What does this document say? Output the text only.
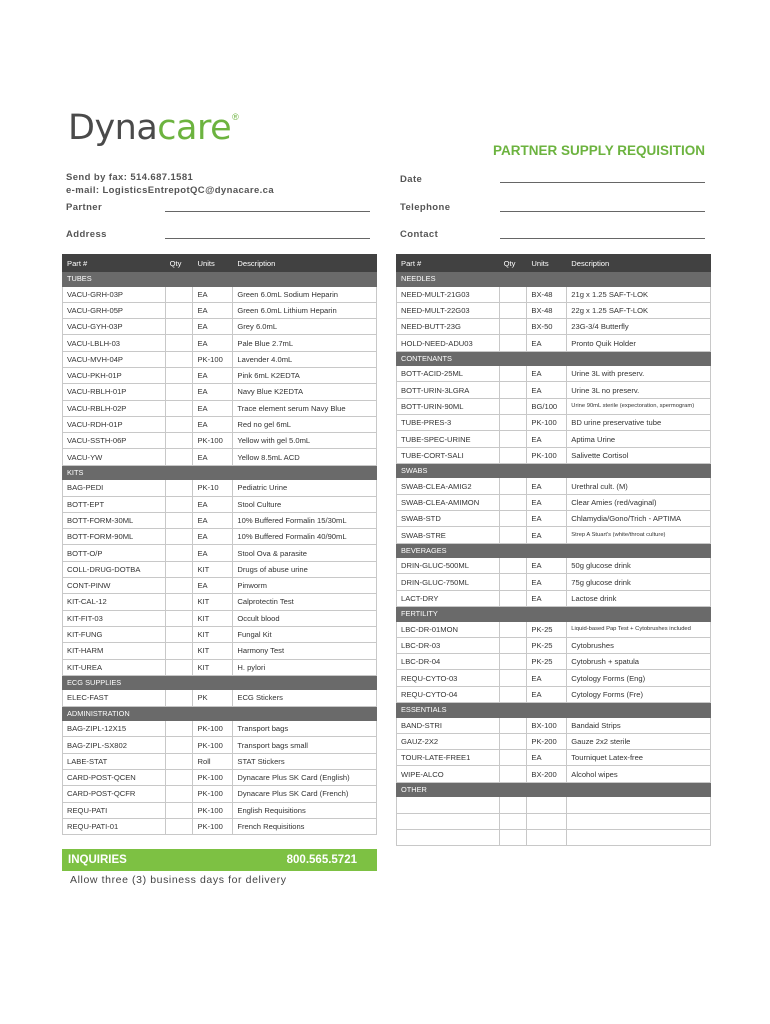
Dynacare ®
PARTNER SUPPLY REQUISITION
Send by fax: 514.687.1581
e-mail: LogisticsEntrepotQC@dynacare.ca
Partner
Address
Date
Telephone
Contact
Part #	Qty	Units	Description
TUBES			
VACU-GRH-03P		EA	Green 6.0mL Sodium Heparin
VACU-GRH-05P		EA	Green 6.0mL Lithium Heparin
VACU-GYH-03P		EA	Grey 6.0mL
VACU-LBLH-03		EA	Pale Blue 2.7mL
VACU-MVH-04P		PK-100	Lavender 4.0mL
VACU-PKH-01P		EA	Pink 6mL K2EDTA
VACU-RBLH-01P		EA	Navy Blue K2EDTA
VACU-RBLH-02P		EA	Trace element serum Navy Blue
VACU-RDH-01P		EA	Red no gel 6mL
VACU-SSTH-06P		PK-100	Yellow with gel 5.0mL
VACU-YW		EA	Yellow 8.5mL ACD
KITS			
BAG-PEDI		PK-10	Pediatric Urine
BOTT-EPT		EA	Stool Culture
BOTT-FORM-30ML		EA	10% Buffered Formalin 15/30mL
BOTT-FORM-90ML		EA	10% Buffered Formalin 40/90mL
BOTT-O/P		EA	Stool Ova & parasite
COLL-DRUG-DOTBA		KIT	Drugs of abuse urine
CONT-PINW		EA	Pinworm
KIT-CAL-12		KIT	Calprotectin Test
KIT-FIT-03		KIT	Occult blood
KIT-FUNG		KIT	Fungal Kit
KIT-HARM		KIT	Harmony Test
KIT-UREA		KIT	H. pylori
ECG SUPPLIES			
ELEC-FAST		PK	ECG Stickers
ADMINISTRATION			
BAG-ZIPL-12X15		PK-100	Transport bags
BAG-ZIPL-SX802		PK-100	Transport bags small
LABE-STAT		Roll	STAT Stickers
CARD-POST-QCEN		PK-100	Dynacare Plus SK Card (English)
CARD-POST-QCFR		PK-100	Dynacare Plus SK Card (French)
REQU-PATI		PK-100	English Requisitions
REQU-PATI-01		PK-100	French Requisitions
Part #	Qty	Units	Description
NEEDLES			
NEED-MULT-21G03		BX-48	21g x 1.25 SAF-T-LOK
NEED-MULT-22G03		BX-48	22g x 1.25 SAF-T-LOK
NEED-BUTT-23G		BX-50	23G-3/4 Butterfly
HOLD-NEED-ADU03		EA	Pronto Quik Holder
CONTENANTS			
BOTT-ACID-25ML		EA	Urine 3L with preserv.
BOTT-URIN-3LGRA		EA	Urine 3L no preserv.
BOTT-URIN-90ML		BG/100	Urine 90mL sterile (expectoration, spermogram)
TUBE-PRES-3		PK-100	BD urine preservative tube
TUBE-SPEC-URINE		EA	Aptima Urine
TUBE-CORT-SALI		PK-100	Salivette Cortisol
SWABS			
SWAB-CLEA-AMIG2		EA	Urethral cult. (M)
SWAB-CLEA-AMIMON		EA	Clear Amies (red/vaginal)
SWAB-STD		EA	Chlamydia/Gono/Trich - APTIMA
SWAB-STRE		EA	Strep A Stuart's (white/throat culture)
BEVERAGES			
DRIN-GLUC-500ML		EA	50g glucose drink
DRIN-GLUC-750ML		EA	75g glucose drink
LACT-DRY		EA	Lactose drink
FERTILITY			
LBC-DR-01MON		PK-25	Liquid-based Pap Test + Cytobrushes included
LBC-DR-03		PK-25	Cytobrushes
LBC-DR-04		PK-25	Cytobrush + spatula
REQU-CYTO-03		EA	Cytology Forms (Eng)
REQU-CYTO-04		EA	Cytology Forms (Fre)
ESSENTIALS			
BAND-STRI		BX-100	Bandaid Strips
GAUZ-2X2		PK-200	Gauze 2x2 sterile
TOUR-LATE-FREE1		EA	Tourniquet Latex-free
WIPE-ALCO		BX-200	Alcohol wipes
OTHER			

INQUIRIES	800.565.5721
Allow three (3) business days for delivery
